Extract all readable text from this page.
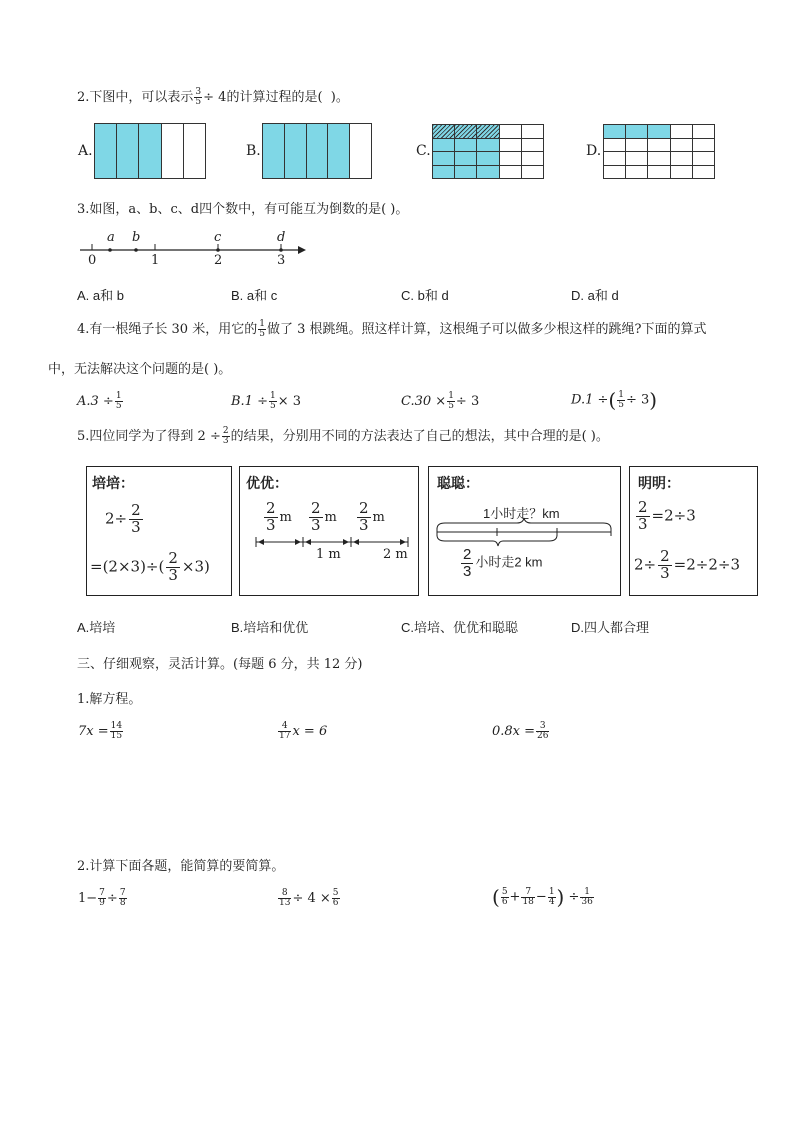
2.下图中，可以表示 $\frac{3}{5} \div 4$的计算过程的是( )。
A.
					B.
					C.

					D.

3.如图，a、b、c、d四个数中，有可能互为倒数的是( )。
a b	c	d
0	1	2	3
A. a和 b	B. a和 c	C. b和 d	D. a和 d
4.有一根绳子长 30 米，用它的 $\frac{1}{5}$ 做了 3 根跳绳。照这样计算，这根绳子可以做多少根这样的跳绳?下面的算式
中，无法解决这个问题的是( )。
$A.3 \div \frac{1}{5}$	$B.1 \div \frac{1}{5} \times 3$	$C.30 \times \frac{1}{5} \div 3$	D.1 ÷( $\frac{1}{5} \div 3$)
5.四位同学为了得到 $2 \div \frac{2}{3}$ 的结果，分别用不同的方法表达了自己的想法，其中合理的是( )。
培培：
$2\div \frac{2}{3}$
$=(2\times 3)\div( \frac{2}{3} \times 3)$
优优：
$\frac{2}{3}$ m $\frac{2}{3}$ m $\frac{2}{3}$ m
1 m	2 m
聪聪：
1小时走？km
$\frac{2}{3}$ 小时走2 km
明明：
$\frac{2}{3} =2\div 3$
$2\div \frac{2}{3} =2\div 2\div 3$
A.培培	B.培培和优优	C.培培、优优和聪聪	D.四人都合理
三、仔细观察，灵活计算。(每题 6 分，共 12 分)
1.解方程。
$7x = \frac{14}{15}$	$\frac{4}{17}$ x = 6	$0.8x = \frac{3}{26}$
2.计算下面各题，能简算的要简算。
$1- \frac{7}{9} \div \frac{7}{8}$	$\frac{8}{13} \div 4 \times \frac{5}{6}$	( $\frac{5}{6} + \frac{7}{18} - \frac{1}{4}$ ) ÷ $\frac{1}{36}$
